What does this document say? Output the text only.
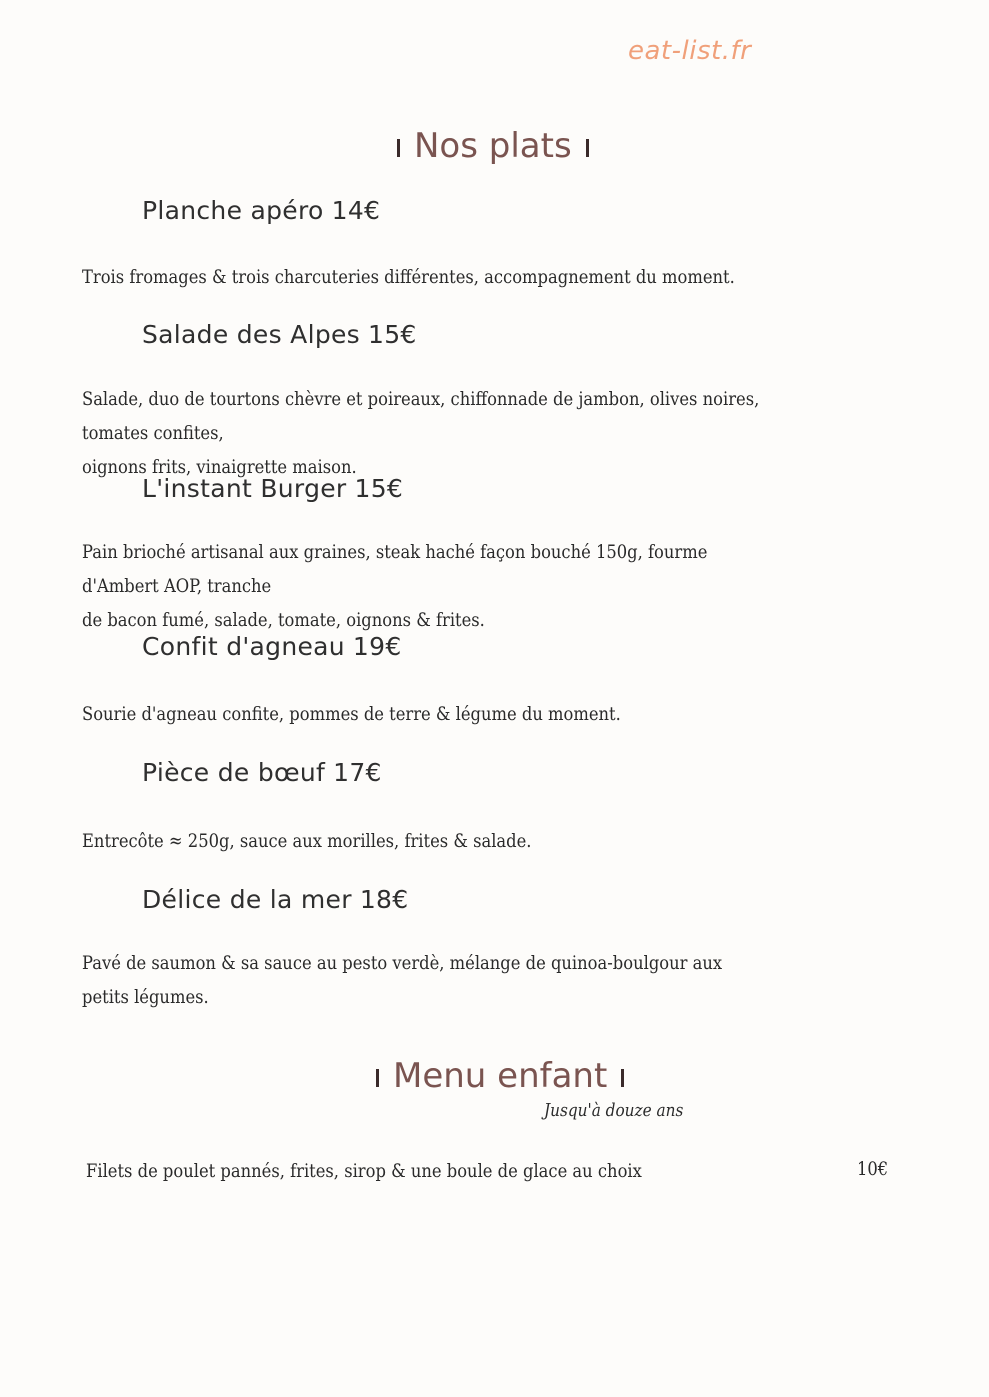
eat-list.fr
Nos plats
Planche apéro 14€
Trois fromages & trois charcuteries différentes, accompagnement du moment.
Salade des Alpes 15€
Salade, duo de tourtons chèvre et poireaux, chiffonnade de jambon, olives noires, tomates confites,
oignons frits, vinaigrette maison.
L'instant Burger 15€
Pain brioché artisanal aux graines, steak haché façon bouché 150g, fourme d'Ambert AOP, tranche
de bacon fumé, salade, tomate, oignons & frites.
Confit d'agneau 19€
Sourie d'agneau confite, pommes de terre & légume du moment.
Pièce de bœuf 17€
Entrecôte ≈ 250g, sauce aux morilles, frites & salade.
Délice de la mer 18€
Pavé de saumon & sa sauce au pesto verdè, mélange de quinoa-boulgour aux petits légumes.
Menu enfant
Jusqu'à douze ans
Filets de poulet pannés, frites, sirop & une boule de glace au choix	10€
